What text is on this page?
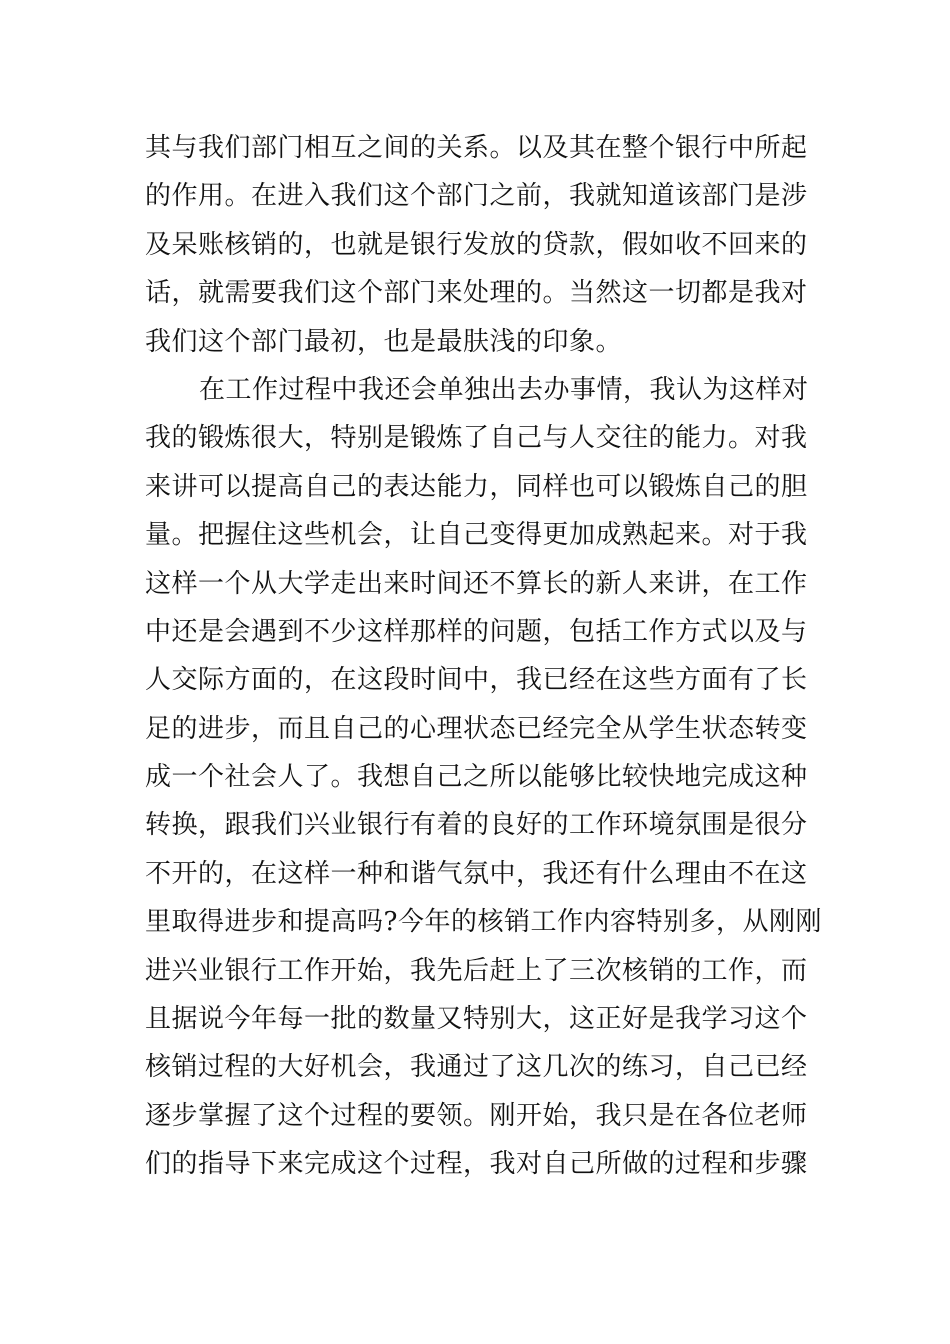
其与我们部门相互之间的关系。以及其在整个银行中所起
的作用。在进入我们这个部门之前，我就知道该部门是涉
及呆账核销的，也就是银行发放的贷款，假如收不回来的
话，就需要我们这个部门来处理的。当然这一切都是我对
我们这个部门最初，也是最肤浅的印象。
在工作过程中我还会单独出去办事情，我认为这样对
我的锻炼很大，特别是锻炼了自己与人交往的能力。对我
来讲可以提高自己的表达能力，同样也可以锻炼自己的胆
量。把握住这些机会，让自己变得更加成熟起来。对于我
这样一个从大学走出来时间还不算长的新人来讲，在工作
中还是会遇到不少这样那样的问题，包括工作方式以及与
人交际方面的，在这段时间中，我已经在这些方面有了长
足的进步，而且自己的心理状态已经完全从学生状态转变
成一个社会人了。我想自己之所以能够比较快地完成这种
转换，跟我们兴业银行有着的良好的工作环境氛围是很分
不开的，在这样一种和谐气氛中，我还有什么理由不在这
里取得进步和提高吗?今年的核销工作内容特别多，从刚刚
进兴业银行工作开始，我先后赶上了三次核销的工作，而
且据说今年每一批的数量又特别大，这正好是我学习这个
核销过程的大好机会，我通过了这几次的练习，自己已经
逐步掌握了这个过程的要领。刚开始，我只是在各位老师
们的指导下来完成这个过程，我对自己所做的过程和步骤
